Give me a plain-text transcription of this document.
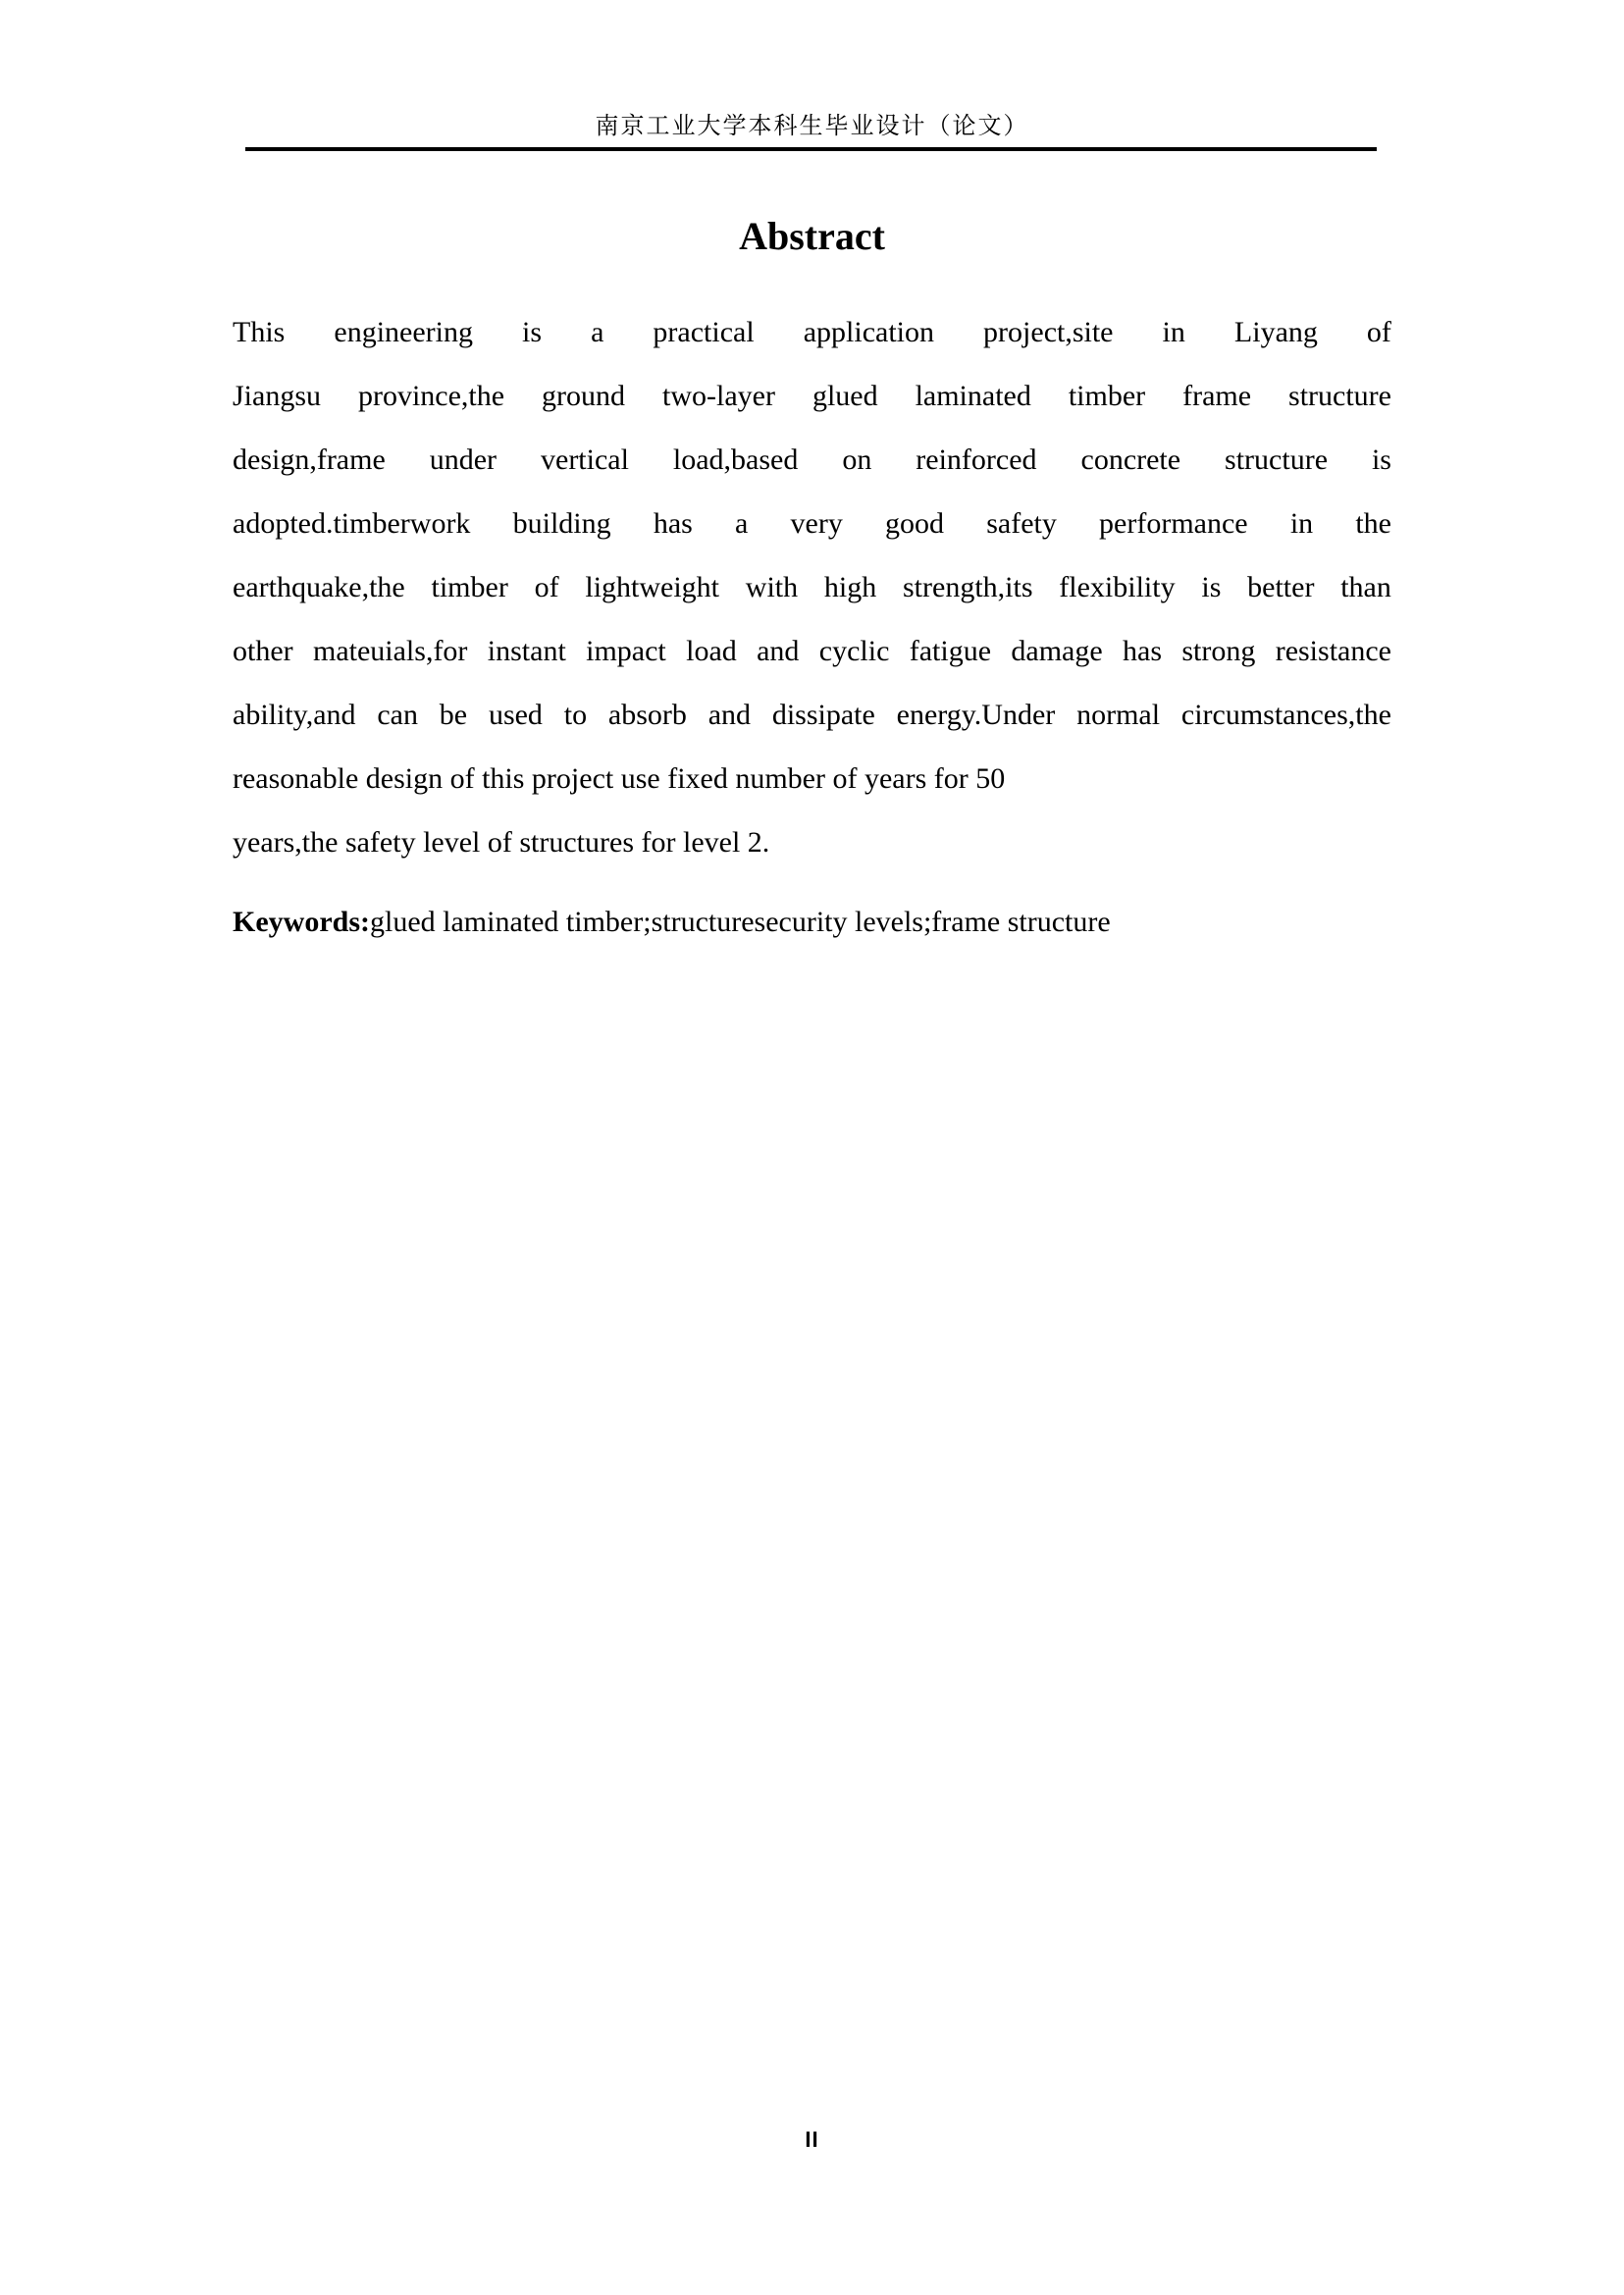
南京工业大学本科生毕业设计（论文）
Abstract
This engineering is a practical application project,site in Liyang of
Jiangsu province,the ground two-layer glued laminated timber frame structure
design,frame under vertical load,based on reinforced concrete structure is
adopted.timberwork building has a very good safety performance in the
earthquake,the timber of lightweight with high strength,its flexibility is better than
other mateuials,for instant impact load and cyclic fatigue damage has strong resistance
ability,and can be used to absorb and dissipate energy.Under normal circumstances,the
reasonable design of this project use fixed number of years for 50
years,the safety level of structures for level 2.

Keywords:glued laminated timber;structuresecurity levels;frame structure

II
